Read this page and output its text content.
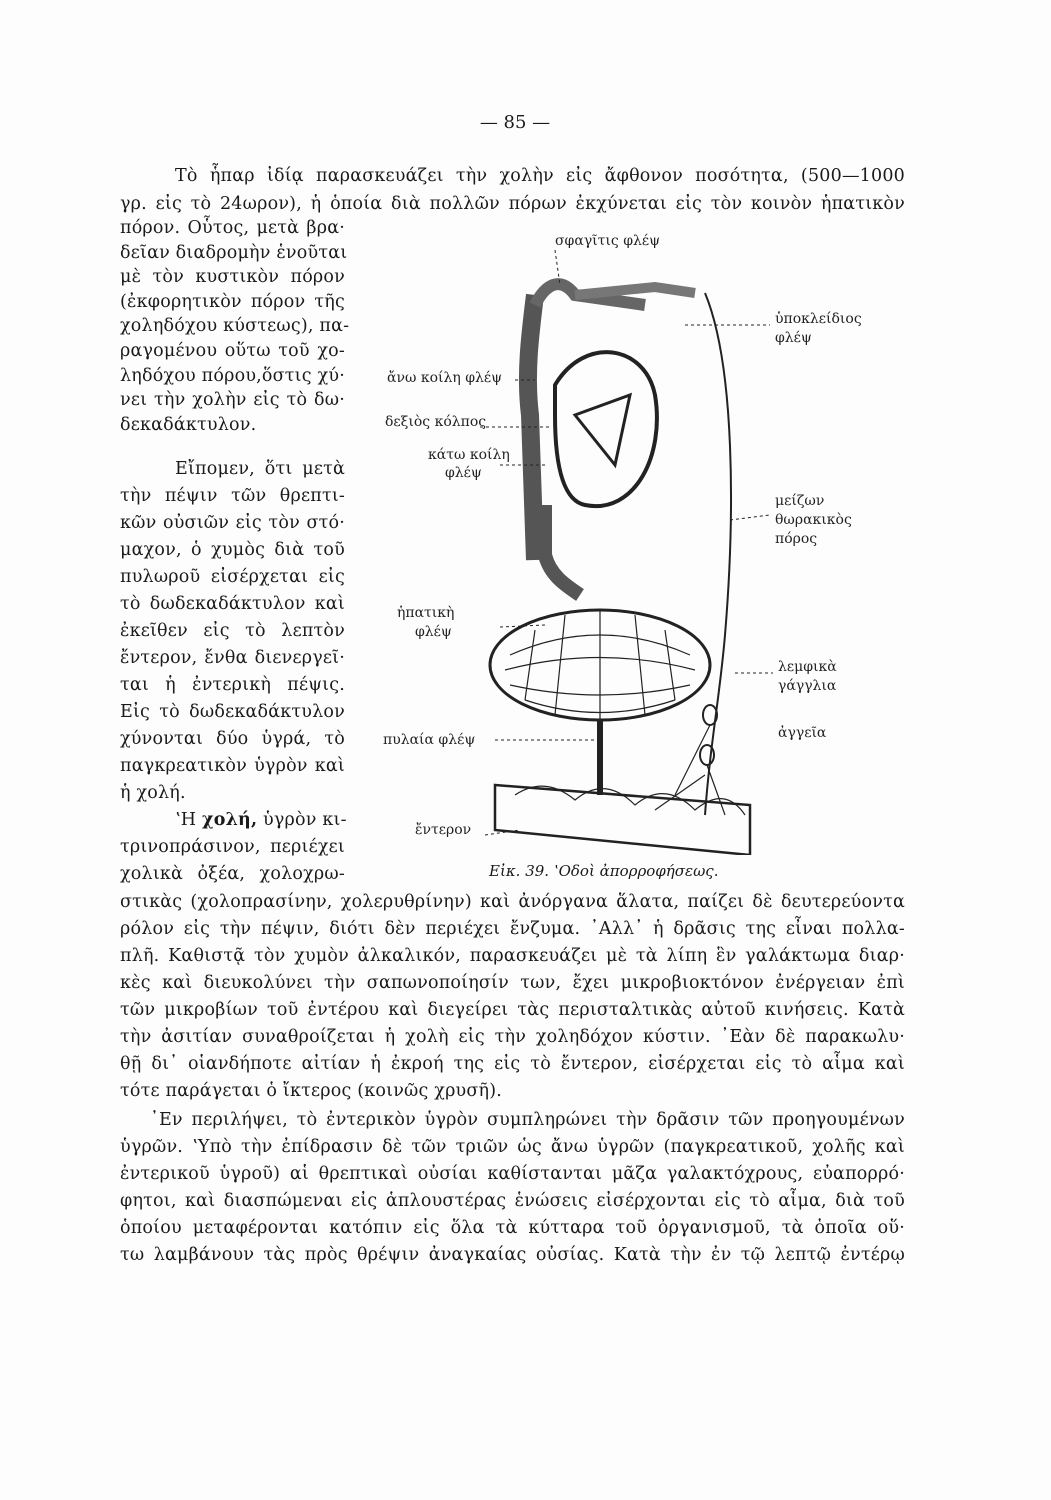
— 85 —
Τὸ ἧπαρ ἰδίᾳ παρασκευάζει τὴν χολὴν εἰς ἄφθονον ποσότητα, (500—1000
γρ. εἰς τὸ 24ωρον), ἡ ὁποία διὰ πολλῶν πόρων ἐκχύνεται εἰς τὸν κοινὸν ἡπατικὸν
πόρον. Οὗτος, μετὰ βρα·
δεῖαν διαδρομὴν ἑνοῦται
μὲ τὸν κυστικὸν πόρον
(ἐκφορητικὸν πόρον τῆς
χοληδόχου κύστεως), πα-
ραγομένου οὕτω τοῦ χο-
ληδόχου πόρου,ὅστις χύ·
νει τὴν χολὴν εἰς τὸ δω·
δεκαδάκτυλον.
Εἴπομεν, ὅτι μετὰ
τὴν πέψιν τῶν θρεπτι-
κῶν οὐσιῶν εἰς τὸν στό·
μαχον, ὁ χυμὸς διὰ τοῦ
πυλωροῦ εἰσέρχεται εἰς
τὸ δωδεκαδάκτυλον καὶ
ἐκεῖθεν εἰς τὸ λεπτὸν
ἔντερον, ἔνθα διενεργεῖ·
ται ἡ ἐντερικὴ πέψις.
Εἰς τὸ δωδεκαδάκτυλον
χύνονται δύο ὑγρά, τὸ
παγκρεατικὸν ὑγρὸν καὶ
ἡ χολή.
ʽΗ χολή, ὑγρὸν κι-
τρινοπράσινον, περιέχει
χολικὰ ὀξέα, χολοχρω-
στικὰς (χολοπρασίνην, χολερυθρίνην) καὶ ἀνόργανα ἅλατα, παίζει δὲ δευτερεύοντα
ρόλον εἰς τὴν πέψιν, διότι δὲν περιέχει ἔνζυμα. ᾿Αλλ᾿ ἡ δρᾶσις της εἶναι πολλα-
πλῆ. Καθιστᾷ τὸν χυμὸν ἀλκαλικόν, παρασκευάζει μὲ τὰ λίπη ἓν γαλάκτωμα διαρ·
κὲς καὶ διευκολύνει τὴν σαπωνοποίησίν των, ἔχει μικροβιοκτόνον ἐνέργειαν ἐπὶ
τῶν μικροβίων τοῦ ἐντέρου καὶ διεγείρει τὰς περισταλτικὰς αὐτοῦ κινήσεις. Κατὰ
τὴν ἀσιτίαν συναθροίζεται ἡ χολὴ εἰς τὴν χοληδόχον κύστιν. ᾿Εὰν δὲ παρακωλυ·
θῇ δι᾿ οἱανδήποτε αἰτίαν ἡ ἐκροή της εἰς τὸ ἔντερον, εἰσέρχεται εἰς τὸ αἷμα καὶ
τότε παράγεται ὁ ἴκτερος (κοινῶς χρυσῆ).
᾿Εν περιλήψει, τὸ ἐντερικὸν ὑγρὸν συμπληρώνει τὴν δρᾶσιν τῶν προηγουμένων
ὑγρῶν. ʽΥπὸ τὴν ἐπίδρασιν δὲ τῶν τριῶν ὡς ἄνω ὑγρῶν (παγκρεατικοῦ, χολῆς καὶ
ἐντερικοῦ ὑγροῦ) αἱ θρεπτικαὶ οὐσίαι καθίστανται μᾶζα γαλακτόχρους, εὐαπορρό·
φητοι, καὶ διασπώμεναι εἰς ἁπλουστέρας ἑνώσεις εἰσέρχονται εἰς τὸ αἷμα, διὰ τοῦ
ὁποίου μεταφέρονται κατόπιν εἰς ὅλα τὰ κύτταρα τοῦ ὀργανισμοῦ, τὰ ὁποῖα οὕ·
τω λαμβάνουν τὰς πρὸς θρέψιν ἀναγκαίας οὐσίας. Κατὰ τὴν ἐν τῷ λεπτῷ ἐντέρῳ
σφαγῖτις φλέψ
ὑποκλείδιος
φλέψ
ἄνω κοίλη φλέψ
δεξιὸς κόλπος
κάτω κοίλη
φλέψ
μείζων
θωρακικὸς
πόρος
ἡπατικὴ
φλέψ
λεμφικὰ
γάγγλια
ἀγγεῖα
πυλαία φλέψ
ἔντερον
Εἰκ. 39. ʽΟδοὶ ἀπορροφήσεως.
